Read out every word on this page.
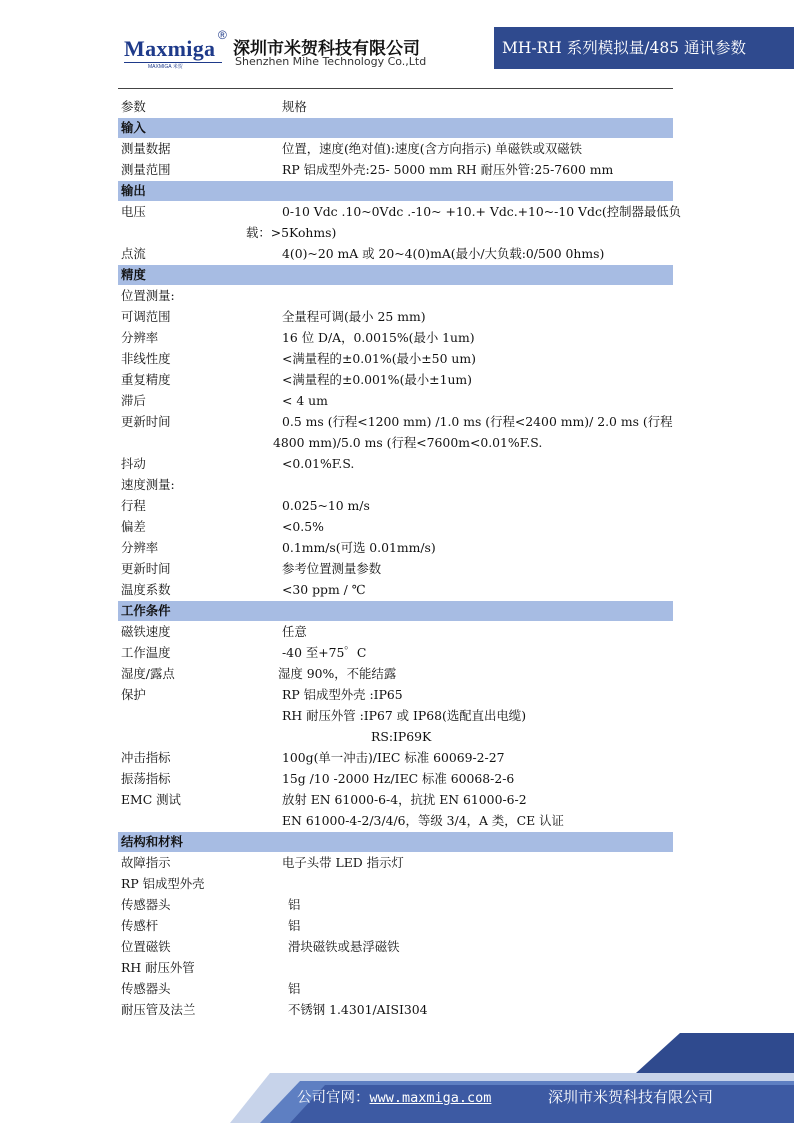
Maxmiga
®
MAXMIGA 米贺
深圳市米贺科技有限公司
Shenzhen Mihe Technology Co.,Ltd
MH-RH 系列模拟量/485 通讯参数
参数	规格
输入
测量数据	位置，速度(绝对值):速度(含方向指示) 单磁铁或双磁铁
测量范围	RP 铝成型外壳:25- 5000 mm RH 耐压外管:25-7600 mm
输出
电压	0-10 Vdc .10~0Vdc .-10~ +10.+ Vdc.+10~-10 Vdc(控制器最低负
载：>5Kohms)
点流	4(0)~20 mA 或 20~4(0)mA(最小/大负载:0/500 0hms)
精度
位置测量:
可调范围	全量程可调(最小 25 mm)
分辨率	16 位 D/A，0.0015%(最小 1um)
非线性度	<满量程的±0.01%(最小±50 um)
重复精度	<满量程的±0.001%(最小±1um)
滞后	< 4 um
更新时间	0.5 ms (行程<1200 mm) /1.0 ms (行程<2400 mm)/ 2.0 ms (行程
4800 mm)/5.0 ms (行程<7600m<0.01%F.S.
抖动	<0.01%F.S.
速度测量:
行程	0.025~10 m/s
偏差	<0.5%
分辨率	0.1mm/s(可选 0.01mm/s)
更新时间	参考位置测量参数
温度系数	<30 ppm / ℃
工作条件
磁铁速度	任意
工作温度	-40 至+75゜C
湿度/露点	湿度 90%，不能结露
保护	RP 铝成型外壳 :IP65
RH 耐压外管 :IP67 或 IP68(选配直出电缆)
RS:IP69K
冲击指标	100g(单一冲击)/IEC 标准 60069-2-27
振荡指标	15g /10 -2000 Hz/IEC 标准 60068-2-6
EMC 测试	放射 EN 61000-6-4，抗扰 EN 61000-6-2
EN 61000-4-2/3/4/6，等级 3/4，A 类，CE 认证
结构和材料
故障指示	电子头带 LED 指示灯
RP 铝成型外壳
传感器头	铝
传感杆	铝
位置磁铁	滑块磁铁或悬浮磁铁
RH 耐压外管
传感器头	铝
耐压管及法兰	不锈钢 1.4301/AISI304
公司官网：www.maxmiga.com	深圳市米贺科技有限公司
